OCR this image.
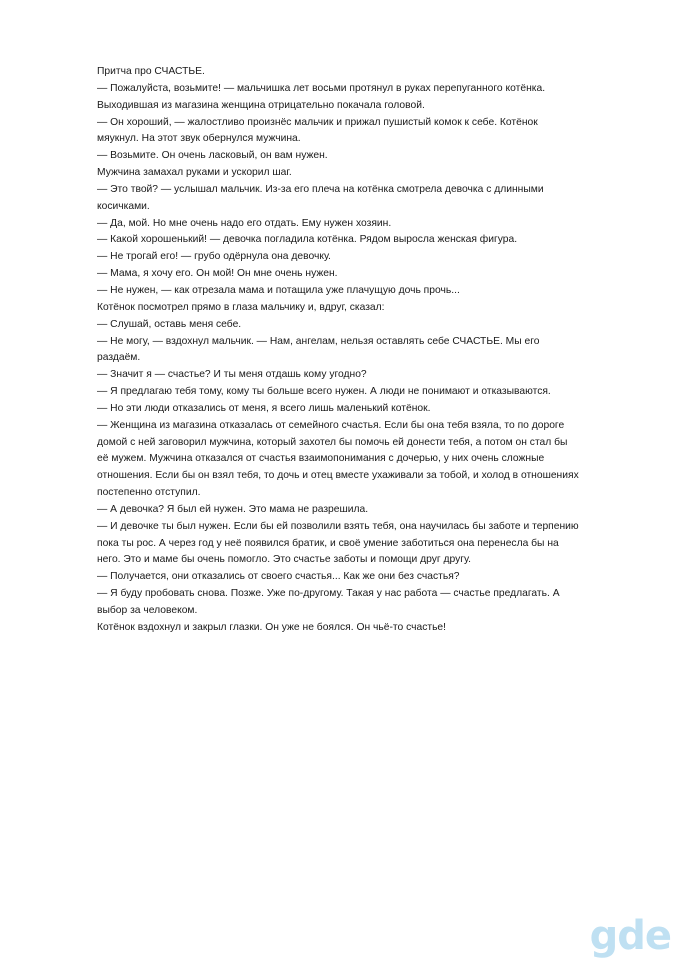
Притча про СЧАСТЬЕ.
— Пожалуйста, возьмите! — мальчишка лет восьми протянул в руках перепуганного котёнка.
Выходившая из магазина женщина отрицательно покачала головой.
— Он хороший, — жалостливо произнёс мальчик и прижал пушистый комок к себе. Котёнок
мяукнул. На этот звук обернулся мужчина.
— Возьмите. Он очень ласковый, он вам нужен.
Мужчина замахал руками и ускорил шаг.
— Это твой? — услышал мальчик. Из-за его плеча на котёнка смотрела девочка с длинными
косичками.
— Да, мой. Но мне очень надо его отдать. Ему нужен хозяин.
— Какой хорошенький! — девочка погладила котёнка. Рядом выросла женская фигура.
— Не трогай его! — грубо одёрнула она девочку.
— Мама, я хочу его. Он мой! Он мне очень нужен.
— Не нужен, — как отрезала мама и потащила уже плачущую дочь прочь...
Котёнок посмотрел прямо в глаза мальчику и, вдруг, сказал:
— Слушай, оставь меня себе.
— Не могу, — вздохнул мальчик. — Нам, ангелам, нельзя оставлять себе СЧАСТЬЕ. Мы его
раздаём.
— Значит я — счастье? И ты меня отдашь кому угодно?
— Я предлагаю тебя тому, кому ты больше всего нужен. А люди не понимают и отказываются.
— Но эти люди отказались от меня, я всего лишь маленький котёнок.
— Женщина из магазина отказалась от семейного счастья. Если бы она тебя взяла, то по дороге
домой с ней заговорил мужчина, который захотел бы помочь ей донести тебя, а потом он стал бы
её мужем. Мужчина отказался от счастья взаимопонимания с дочерью, у них очень сложные
отношения. Если бы он взял тебя, то дочь и отец вместе ухаживали за тобой, и холод в отношениях
постепенно отступил.
— А девочка? Я был ей нужен. Это мама не разрешила.
— И девочке ты был нужен. Если бы ей позволили взять тебя, она научилась бы заботе и терпению
пока ты рос. А через год у неё появился братик, и своё умение заботиться она перенесла бы на
него. Это и маме бы очень помогло. Это счастье заботы и помощи друг другу.
— Получается, они отказались от своего счастья... Как же они без счастья?
— Я буду пробовать снова. Позже. Уже по-другому. Такая у нас работа — счастье предлагать. А
выбор за человеком.
Котёнок вздохнул и закрыл глазки. Он уже не боялся. Он чьё-то счастье!
gde
